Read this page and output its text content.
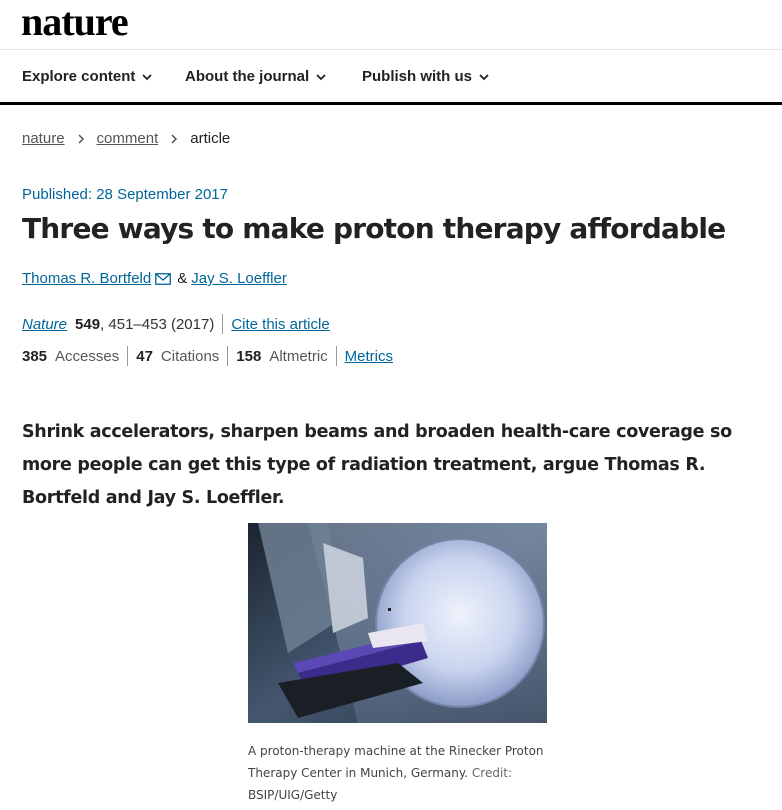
nature
Explore content	About the journal	Publish with us
nature comment article
Published: 28 September 2017
Three ways to make proton therapy affordable
Thomas R. Bortfeld & Jay S. Loeffler
Nature 549 , 451–453 (2017) Cite this article
385 Accesses 47 Citations 158 Altmetric Metrics

Shrink accelerators, sharpen beams and broaden health-care coverage so more people can get this type of radiation treatment, argue Thomas R. Bortfeld and Jay S. Loeffler.

A proton-therapy machine at the Rinecker Proton Therapy Center in Munich, Germany. Credit: BSIP/UIG/Getty
